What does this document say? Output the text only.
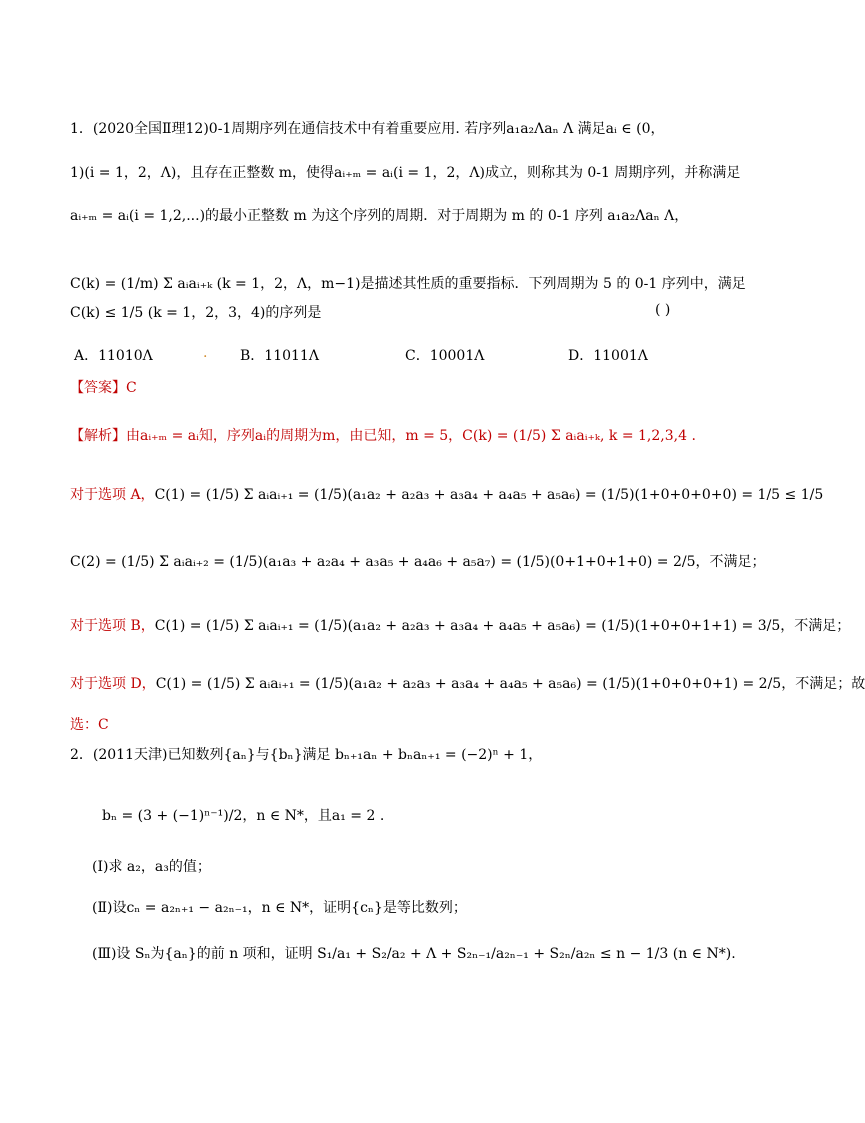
1．(2020全国Ⅱ理12)0-1周期序列在通信技术中有着重要应用. 若序列a₁a₂Λaₙ Λ 满足aᵢ ∈ (0，
1)(i = 1，2，Λ)，且存在正整数 m，使得aᵢ₊ₘ = aᵢ(i = 1，2，Λ)成立，则称其为 0-1 周期序列，并称满足
aᵢ₊ₘ = aᵢ(i = 1,2,...)的最小正整数 m 为这个序列的周期．对于周期为 m 的 0-1 序列 a₁a₂Λaₙ Λ，
C(k) = (1/m) Σ aᵢaᵢ₊ₖ (k = 1，2，Λ，m−1)是描述其性质的重要指标．下列周期为 5 的 0-1 序列中，满足
C(k) ≤ 1/5 (k = 1，2，3，4)的序列是	( )
A．11010Λ	. B．11011Λ	C．10001Λ	D．11001Λ
【答案】C
【解析】由aᵢ₊ₘ = aᵢ知，序列aᵢ的周期为m，由已知，m = 5，C(k) = (1/5) Σ aᵢaᵢ₊ₖ, k = 1,2,3,4 .
对于选项 A，C(1) = (1/5) Σ aᵢaᵢ₊₁ = (1/5)(a₁a₂ + a₂a₃ + a₃a₄ + a₄a₅ + a₅a₆) = (1/5)(1+0+0+0+0) = 1/5 ≤ 1/5
C(2) = (1/5) Σ aᵢaᵢ₊₂ = (1/5)(a₁a₃ + a₂a₄ + a₃a₅ + a₄a₆ + a₅a₇) = (1/5)(0+1+0+1+0) = 2/5，不满足；
对于选项 B，C(1) = (1/5) Σ aᵢaᵢ₊₁ = (1/5)(a₁a₂ + a₂a₃ + a₃a₄ + a₄a₅ + a₅a₆) = (1/5)(1+0+0+1+1) = 3/5，不满足；
对于选项 D，C(1) = (1/5) Σ aᵢaᵢ₊₁ = (1/5)(a₁a₂ + a₂a₃ + a₃a₄ + a₄a₅ + a₅a₆) = (1/5)(1+0+0+0+1) = 2/5，不满足；故
选：C
2．(2011天津)已知数列{aₙ}与{bₙ}满足 bₙ₊₁aₙ + bₙaₙ₊₁ = (−2)ⁿ + 1，
bₙ = (3 + (−1)ⁿ⁻¹)/2，n ∈ N*，且a₁ = 2 .
(Ⅰ)求 a₂，a₃的值；
(Ⅱ)设cₙ = a₂ₙ₊₁ − a₂ₙ₋₁，n ∈ N*，证明{cₙ}是等比数列；
(Ⅲ)设 Sₙ为{aₙ}的前 n 项和，证明 S₁/a₁ + S₂/a₂ + Λ + S₂ₙ₋₁/a₂ₙ₋₁ + S₂ₙ/a₂ₙ ≤ n − 1/3 (n ∈ N*).
